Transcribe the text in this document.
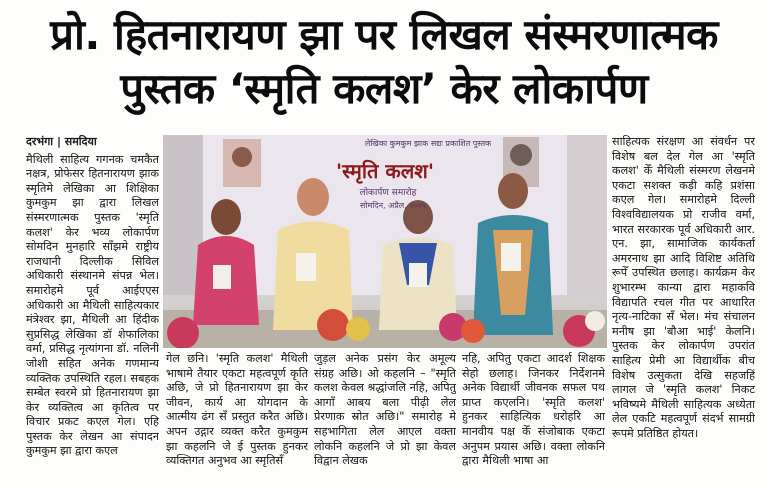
प्रो. हितनारायण झा पर लिखल संस्मरणात्मक
पुस्तक ‘स्मृति कलश’ केर लोकार्पण
दरभंगा | समदिया
मैथिली साहित्य गगनक चमकैत नक्षत्र, प्रोफेसर हितनारायण झाक स्मृतिमे लेखिका आ शिक्षिका कुमकुम झा द्वारा लिखल संस्मरणात्मक पुस्तक 'स्मृति कलश' केर भव्य लोकार्पण सोमदिन मुनहारि साँझमे राष्ट्रीय राजधानी दिल्लीक सिविल अधिकारी संस्थानमे संपन्न भेल। समारोहमे पूर्व आईएएस अधिकारी आ मैथिली साहित्यकार मंत्रेश्वर झा, मैथिली आ हिंदीक सुप्रसिद्ध लेखिका डॉ शेफालिका वर्मा, प्रसिद्ध नृत्यांगना डॉ. नलिनी जोशी सहित अनेक गणमान्य व्यक्तिक उपस्थिति रहल। सबहक सम्बेत स्वरमे प्रो हितनारायण झा केर व्यक्तित्व आ कृतित्व पर विचार प्रकट कएल गेल। एहि पुस्तक केर लेखन आ संपादन कुमकुम झा द्वारा कएल
लेखिका कुमकुम झाक सद्यः प्रकाशित पुस्तक
'स्मृति कलश'
लोकार्पण समारोह
सोमदिन, अप्रैल, २०२५
गेल छनि। 'स्मृति कलश' मैथिली भाषामे तैयार एकटा महत्वपूर्ण कृति अछि, जे प्रो हितनारायण झा केर जीवन, कार्य आ योगदान के आत्मीय ढंग सँ प्रस्तुत करैत अछि। अपन उद्गार व्यक्त करैत कुमकुम झा कहलनि जे ई पुस्तक हुनकर व्यक्तिगत अनुभव आ स्मृतिसँ
जुड़ल अनेक प्रसंग केर अमूल्य संग्रह अछि। ओ कहलनि – "स्मृति कलश केवल श्रद्धांजलि नहि, अपितु आगाँ आबय बला पीढ़ी लेल प्रेरणाक स्रोत अछि।" समारोह मे सहभागिता लेल आएल वक्ता लोकनि कहलनि जे प्रो झा केवल विद्वान लेखक
नहि, अपितु एकटा आदर्श शिक्षक सेहो छलाह। जिनकर निर्देशनमे अनेक विद्यार्थी जीवनक सफल पथ प्राप्त कएलनि। 'स्मृति कलश' हुनकर साहित्यिक धरोहरि आ मानवीय पक्ष केँ संजोबाक एकटा अनुपम प्रयास अछि। वक्ता लोकनि द्वारा मैथिली भाषा आ
साहित्यक संरक्षण आ संवर्धन पर विशेष बल देल गेल आ 'स्मृति कलश' केँ मैथिली संस्मरण लेखनमे एकटा सशक्त कड़ी कहि प्रशंसा कएल गेल। समारोहमे दिल्ली विश्वविद्यालयक प्रो राजीव वर्मा, भारत सरकारक पूर्व अधिकारी आर. एन. झा, सामाजिक कार्यकर्ता अमरनाथ झा आदि विशिष्ट अतिथि रूपेँ उपस्थित छलाह। कार्यक्रम केर शुभारम्भ कान्या द्वारा महाकवि विद्यापति रचल गीत पर आधारित नृत्य-नाटिका सँ भेल। मंच संचालन मनीष झा 'बौआ भाई' केलनि।पुस्तक केर लोकार्पण उपरांत साहित्य प्रेमी आ विद्यार्थीक बीच विशेष उत्सुकता देखि सहजहिं लागल जे 'स्मृति कलश' निकट भविष्यमे मैथिली साहित्यक अध्येता लेल एकटि महत्वपूर्ण संदर्भ सामग्री रूपमे प्रतिष्ठित होयत।
